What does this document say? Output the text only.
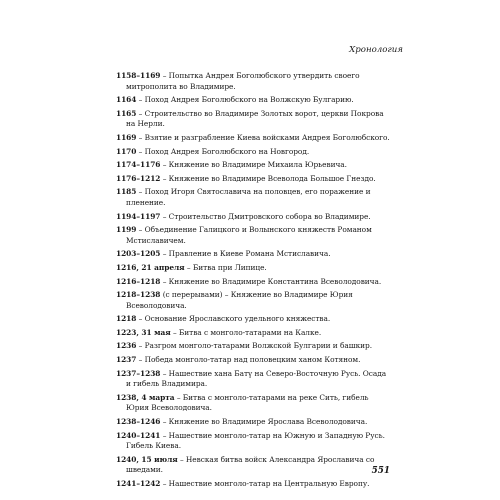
Хронология

1158–1169 – Попытка Андрея Боголюбского утвердить своего митрополита во Владимире.

1164 – Поход Андрея Боголюбского на Волжскую Булгарию.

1165 – Строительство во Владимире Золотых ворот, церкви Покрова на Нерли.

1169 – Взятие и разграбление Киева войсками Андрея Боголюбского.

1170 – Поход Андрея Боголюбского на Новгород.

1174–1176 – Княжение во Владимире Михаила Юрьевича.

1176–1212 – Княжение во Владимире Всеволода Большое Гнездо.

1185 – Поход Игоря Святославича на половцев, его поражение и пленение.

1194–1197 – Строительство Дмитровского собора во Владимире.

1199 – Объединение Галицкого и Волынского княжеств Романом Мстиславичем.

1203–1205 – Правление в Киеве Романа Мстиславича.

1216, 21 апреля – Битва при Липице.

1216–1218 – Княжение во Владимире Константина Всеволодовича.

1218–1238 (с перерывами) – Княжение во Владимире Юрия Всеволодовича.

1218 – Основание Ярославского удельного княжества.

1223, 31 мая – Битва с монголо-татарами на Калке.

1236 – Разгром монголо-татарами Волжской Булгарии и башкир.

1237 – Победа монголо-татар над половецким ханом Котяном.

1237–1238 – Нашествие хана Батү на Северо-Восточную Русь. Осада и гибель Владимира.

1238, 4 марта – Битва с монголо-татарами на реке Сить, гибель Юрия Всеволодовича.

1238–1246 – Княжение во Владимире Ярослава Всеволодовича.

1240–1241 – Нашествие монголо-татар на Южную и Западную Русь. Гибель Киева.

1240, 15 июля – Невская битва войск Александра Ярославича со шведами.

1241–1242 – Нашествие монголо-татар на Центральную Европу.

551
